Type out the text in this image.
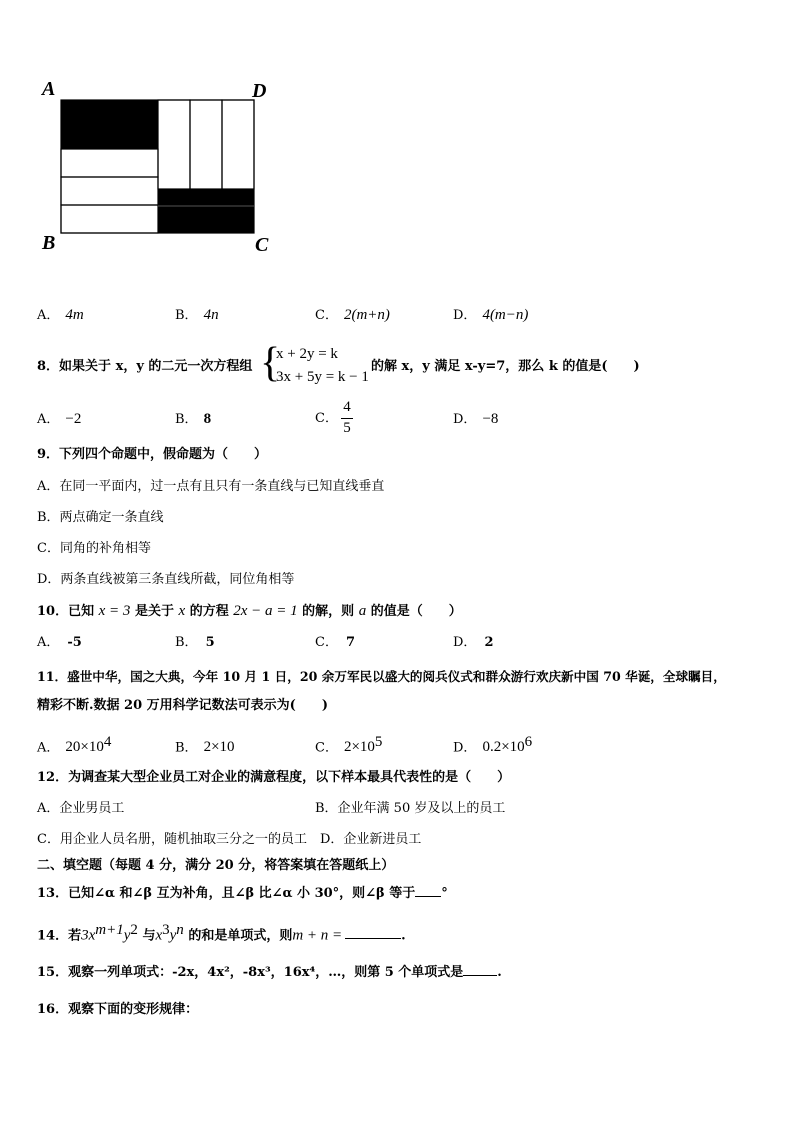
A	D
B	C
A． 4m	B． 4n	C． 2(m+n)	D． 4(m−n)
8．如果关于 x，y 的二元一次方程组 {
x + 2y = k
3x + 5y = k − 1
的解 x，y 满足 x-y=7，那么 k 的值是(　　)
A． −2	B． 8	C．
4
5
D． −8
9．下列四个命题中，假命题为（　　）
A．在同一平面内，过一点有且只有一条直线与已知直线垂直
B．两点确定一条直线
C．同角的补角相等
D．两条直线被第三条直线所截，同位角相等
10．已知 x = 3 是关于 x 的方程 2x − a = 1 的解，则 a 的值是（　　）
A． -5	B． 5	C． 7	D． 2
11．盛世中华，国之大典，今年 10 月 1 日，20 余万军民以盛大的阅兵仪式和群众游行欢庆新中国 70 华诞，全球瞩目，
精彩不断.数据 20 万用科学记数法可表示为(　　)
A． $20\times 10^4$	B． 2×10	C． $2\times 10^5$	D． $0.2\times 10^6$
12．为调查某大型企业员工对企业的满意程度，以下样本最具代表性的是（　　）
A．企业男员工	B．企业年满 50 岁及以上的员工
C．用企业人员名册，随机抽取三分之一的员工　D．企业新进员工
二、填空题（每题 4 分，满分 20 分，将答案填在答题纸上）
13．已知∠α 和∠β 互为补角，且∠β 比∠α 小 30°，则∠β 等于 °
14．若$3x^{m+1}y^2$ 与$x^3y^n$ 的和是单项式，则m + n =	.
15．观察一列单项式：-2x，4x²，-8x³，16x⁴，…，则第 5 个单项式是	.
16．观察下面的变形规律：
